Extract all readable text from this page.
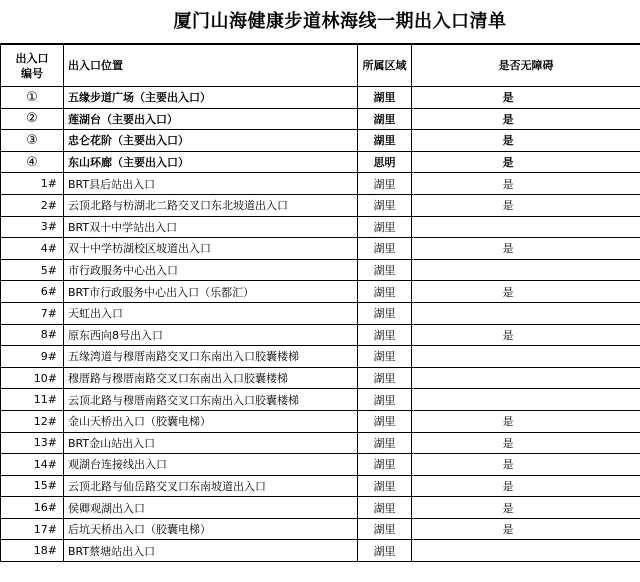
厦门山海健康步道林海线一期出入口清单
出入口
编号	出入口位置	所属区域	是否无障碍
①	五缘步道广场（主要出入口）	湖里	是
②	莲湖台（主要出入口）	湖里	是
③	忠仑花阶（主要出入口）	湖里	是
④	东山环廊（主要出入口）	思明	是
1#	BRT县后站出入口	湖里	是
2#	云顶北路与枋湖北二路交叉口东北坡道出入口	湖里	是
3#	BRT双十中学站出入口	湖里	
4#	双十中学枋湖校区坡道出入口	湖里	是
5#	市行政服务中心出入口	湖里	
6#	BRT市行政服务中心出入口（乐都汇）	湖里	是
7#	天虹出入口	湖里	
8#	原东西向8号出入口	湖里	是
9#	五缘湾道与穆厝南路交叉口东南出入口胶囊楼梯	湖里	
10#	穆厝路与穆厝南路交叉口东南出入口胶囊楼梯	湖里	
11#	云顶北路与穆厝南路交叉口东南出入口胶囊楼梯	湖里	
12#	金山天桥出入口（胶囊电梯）	湖里	是
13#	BRT金山站出入口	湖里	是
14#	观湖台连接线出入口	湖里	是
15#	云顶北路与仙岳路交叉口东南坡道出入口	湖里	是
16#	侯卿观湖出入口	湖里	是
17#	后坑天桥出入口（胶囊电梯）	湖里	是
18#	BRT蔡塘站出入口	湖里	
